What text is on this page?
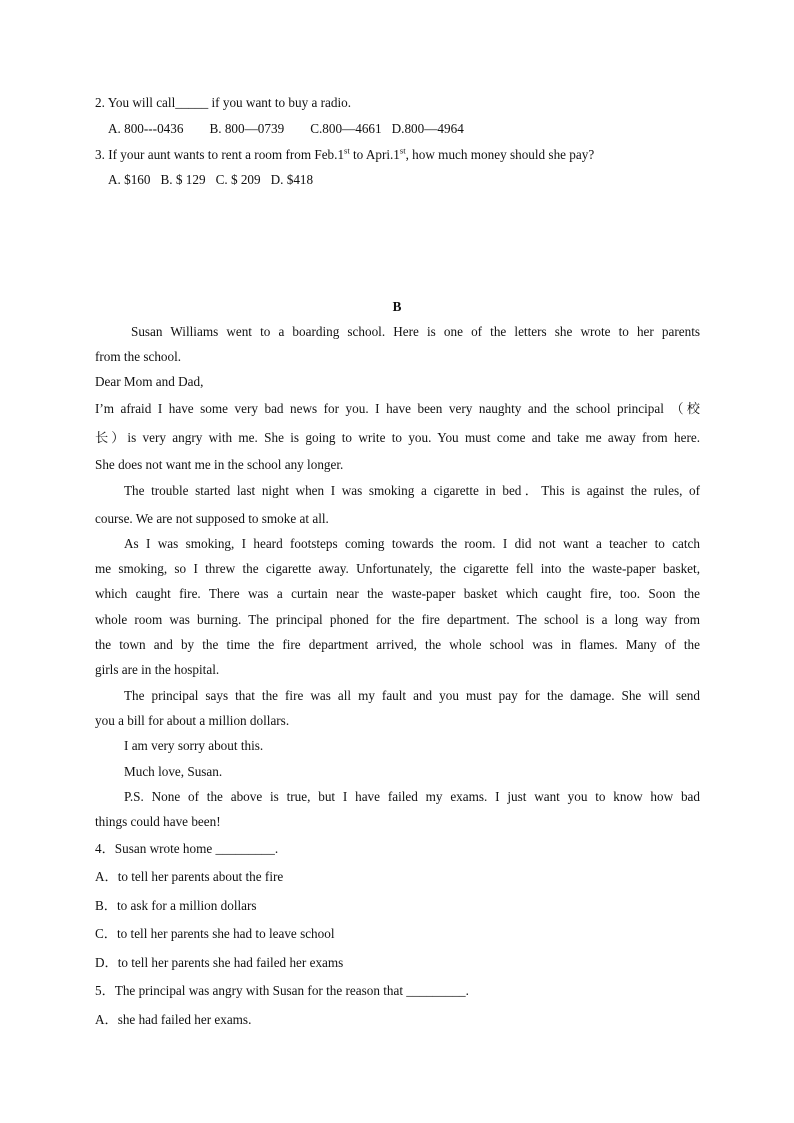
2. You will call_____ if you want to buy a radio.
A. 800---0436 B. 800—0739 C.800—4661 D.800—4964
3. If your aunt wants to rent a room from Feb.1st to Apri.1st, how much money should she pay?
A. $160 B. $ 129 C. $ 209 D. $418
B
Susan Williams went to a boarding school. Here is one of the letters she wrote to her parents
from the school.
Dear Mom and Dad,
I’m afraid I have some very bad news for you. I have been very naughty and the school principal （校
长）is very angry with me. She is going to write to you. You must come and take me away from here.
She does not want me in the school any longer.
The trouble started last night when I was smoking a cigarette in bed．This is against the rules, of
course. We are not supposed to smoke at all.
As I was smoking, I heard footsteps coming towards the room. I did not want a teacher to catch
me smoking, so I threw the cigarette away. Unfortunately, the cigarette fell into the waste-paper basket,
which caught fire. There was a curtain near the waste-paper basket which caught fire, too. Soon the
whole room was burning. The principal phoned for the fire department. The school is a long way from
the town and by the time the fire department arrived, the whole school was in flames. Many of the
girls are in the hospital.
The principal says that the fire was all my fault and you must pay for the damage. She will send
you a bill for about a million dollars.
I am very sorry about this.
Much love, Susan.
P.S. None of the above is true, but I have failed my exams. I just want you to know how bad
things could have been!
4．Susan wrote home _________.
A．to tell her parents about the fire
B．to ask for a million dollars
C．to tell her parents she had to leave school
D．to tell her parents she had failed her exams
5．The principal was angry with Susan for the reason that _________.
A．she had failed her exams.
